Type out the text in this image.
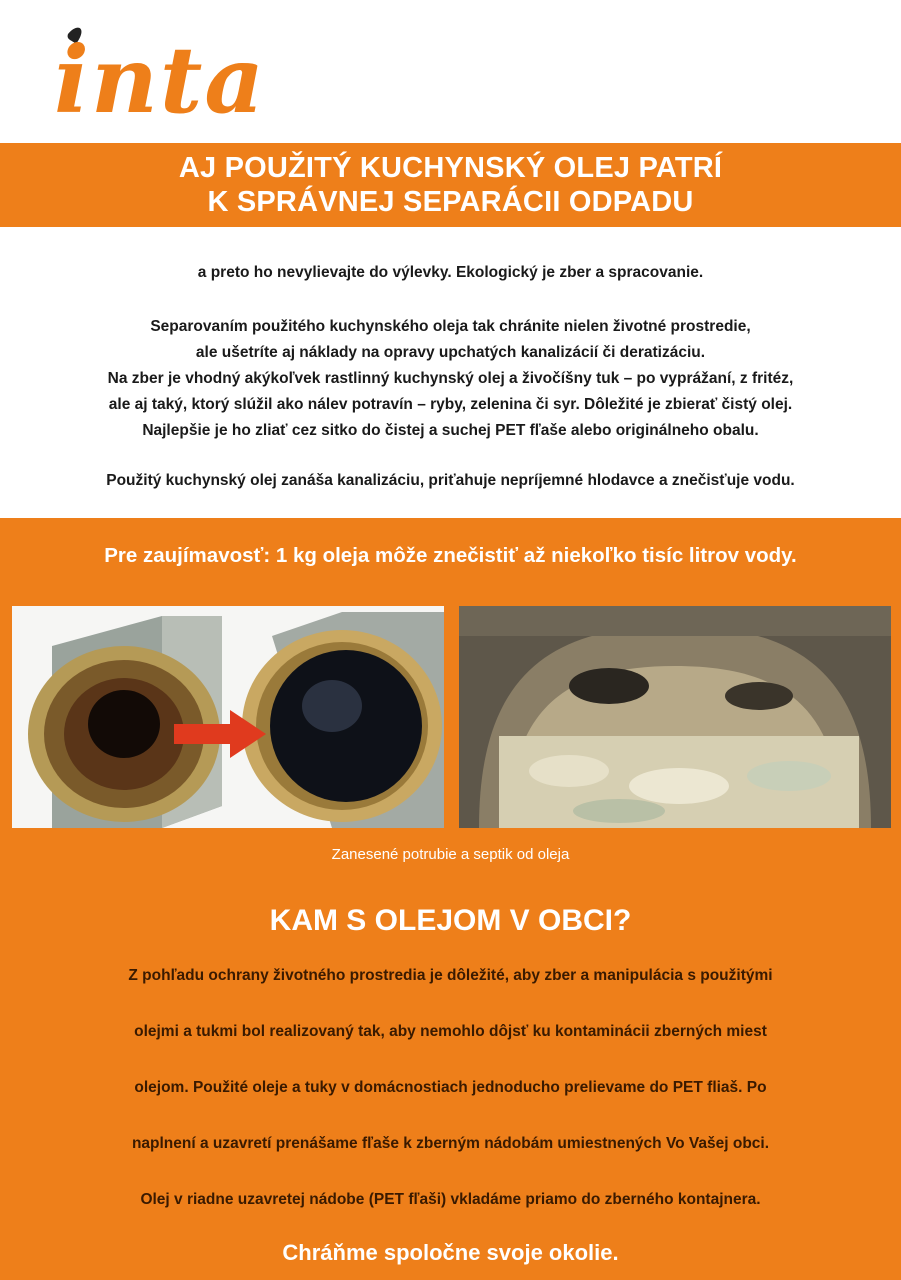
inta
AJ POUŽITÝ KUCHYNSKÝ OLEJ PATRÍ
K SPRÁVNEJ SEPARÁCII ODPADU

a preto ho nevylievajte do výlevky. Ekologický je zber a spracovanie.

Separovaním použitého kuchynského oleja tak chránite nielen životné prostredie,

ale ušetríte aj náklady na opravy upchatých kanalizácií či deratizáciu.

Na zber je vhodný akýkoľvek rastlinný kuchynský olej a živočíšny tuk – po vyprážaní, z fritéz,

ale aj taký, ktorý slúžil ako nálev potravín – ryby, zelenina či syr. Dôležité je zbierať čistý olej.

Najlepšie je ho zliať cez sitko do čistej a suchej PET fľaše alebo originálneho obalu.

Použitý kuchynský olej zanáša kanalizáciu, priťahuje nepríjemné hlodavce a znečisťuje vodu.

Pre zaujímavosť: 1 kg oleja môže znečistiť až niekoľko tisíc litrov vody.
Zanesené potrubie a septik od oleja
KAM S OLEJOM V OBCI?
Z pohľadu ochrany životného prostredia je dôležité, aby zber a manipulácia s použitými
olejmi a tukmi bol realizovaný tak, aby nemohlo dôjsť ku kontaminácii zberných miest
olejom. Použité oleje a tuky v domácnostiach jednoducho prelievame do PET fliaš. Po
naplnení a uzavretí prenášame fľaše k zberným nádobám umiestnených Vo Vašej obci.
Olej v riadne uzavretej nádobe (PET fľaši) vkladáme priamo do zberného kontajnera.
Chráňme spoločne svoje okolie.
